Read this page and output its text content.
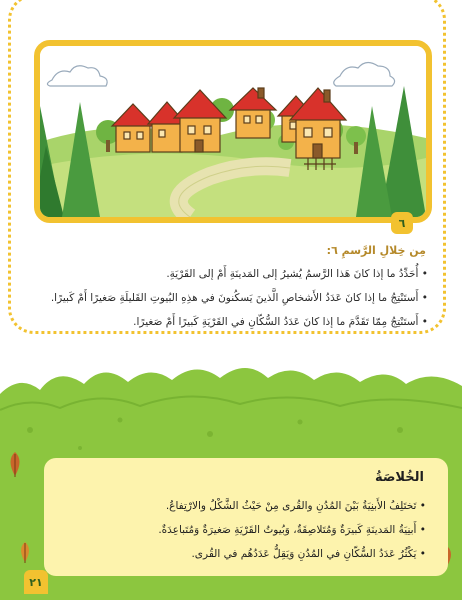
٦
مِن خِلالِ الرَّسمِ ٦:
• أُحَدِّدُ ما إذا كانَ هَذا الرَّسمُ يُشيرُ إلى المَدينَةِ أَمْ إلى القَرْيَةِ.
• أَستَنْتِجُ ما إذا كانَ عَدَدُ الأَشخاصِ الَّذينَ يَسكُنونَ في هذِهِ البُيوتِ القَليلَةِ صَغيرًا أَمْ كَبيرًا.
• أَستَنْتِجُ مِمّا تَقَدَّمَ ما إذا كانَ عَدَدُ السُّكّانِ في القَرْيَةِ كَبيرًا أَمْ صَغيرًا.
الخُلاصَةُ
• تَختَلِفُ الأَبنِيَةُ بَيْنَ المُدُنِ والقُرى مِنْ حَيْثُ الشَّكْلُ والارْتِفاعُ.
• أَبنِيَةُ المَدينَةِ كَبيرَةٌ وَمُتَلاصِقَةٌ، وَبُيوتُ القَرْيَةِ صَغيرَةٌ وَمُتَباعِدَةٌ.
• يَكْثُرُ عَدَدُ السُّكّانِ في المُدُنِ وَيَقِلُّ عَدَدُهُم في القُرى.
٢١
